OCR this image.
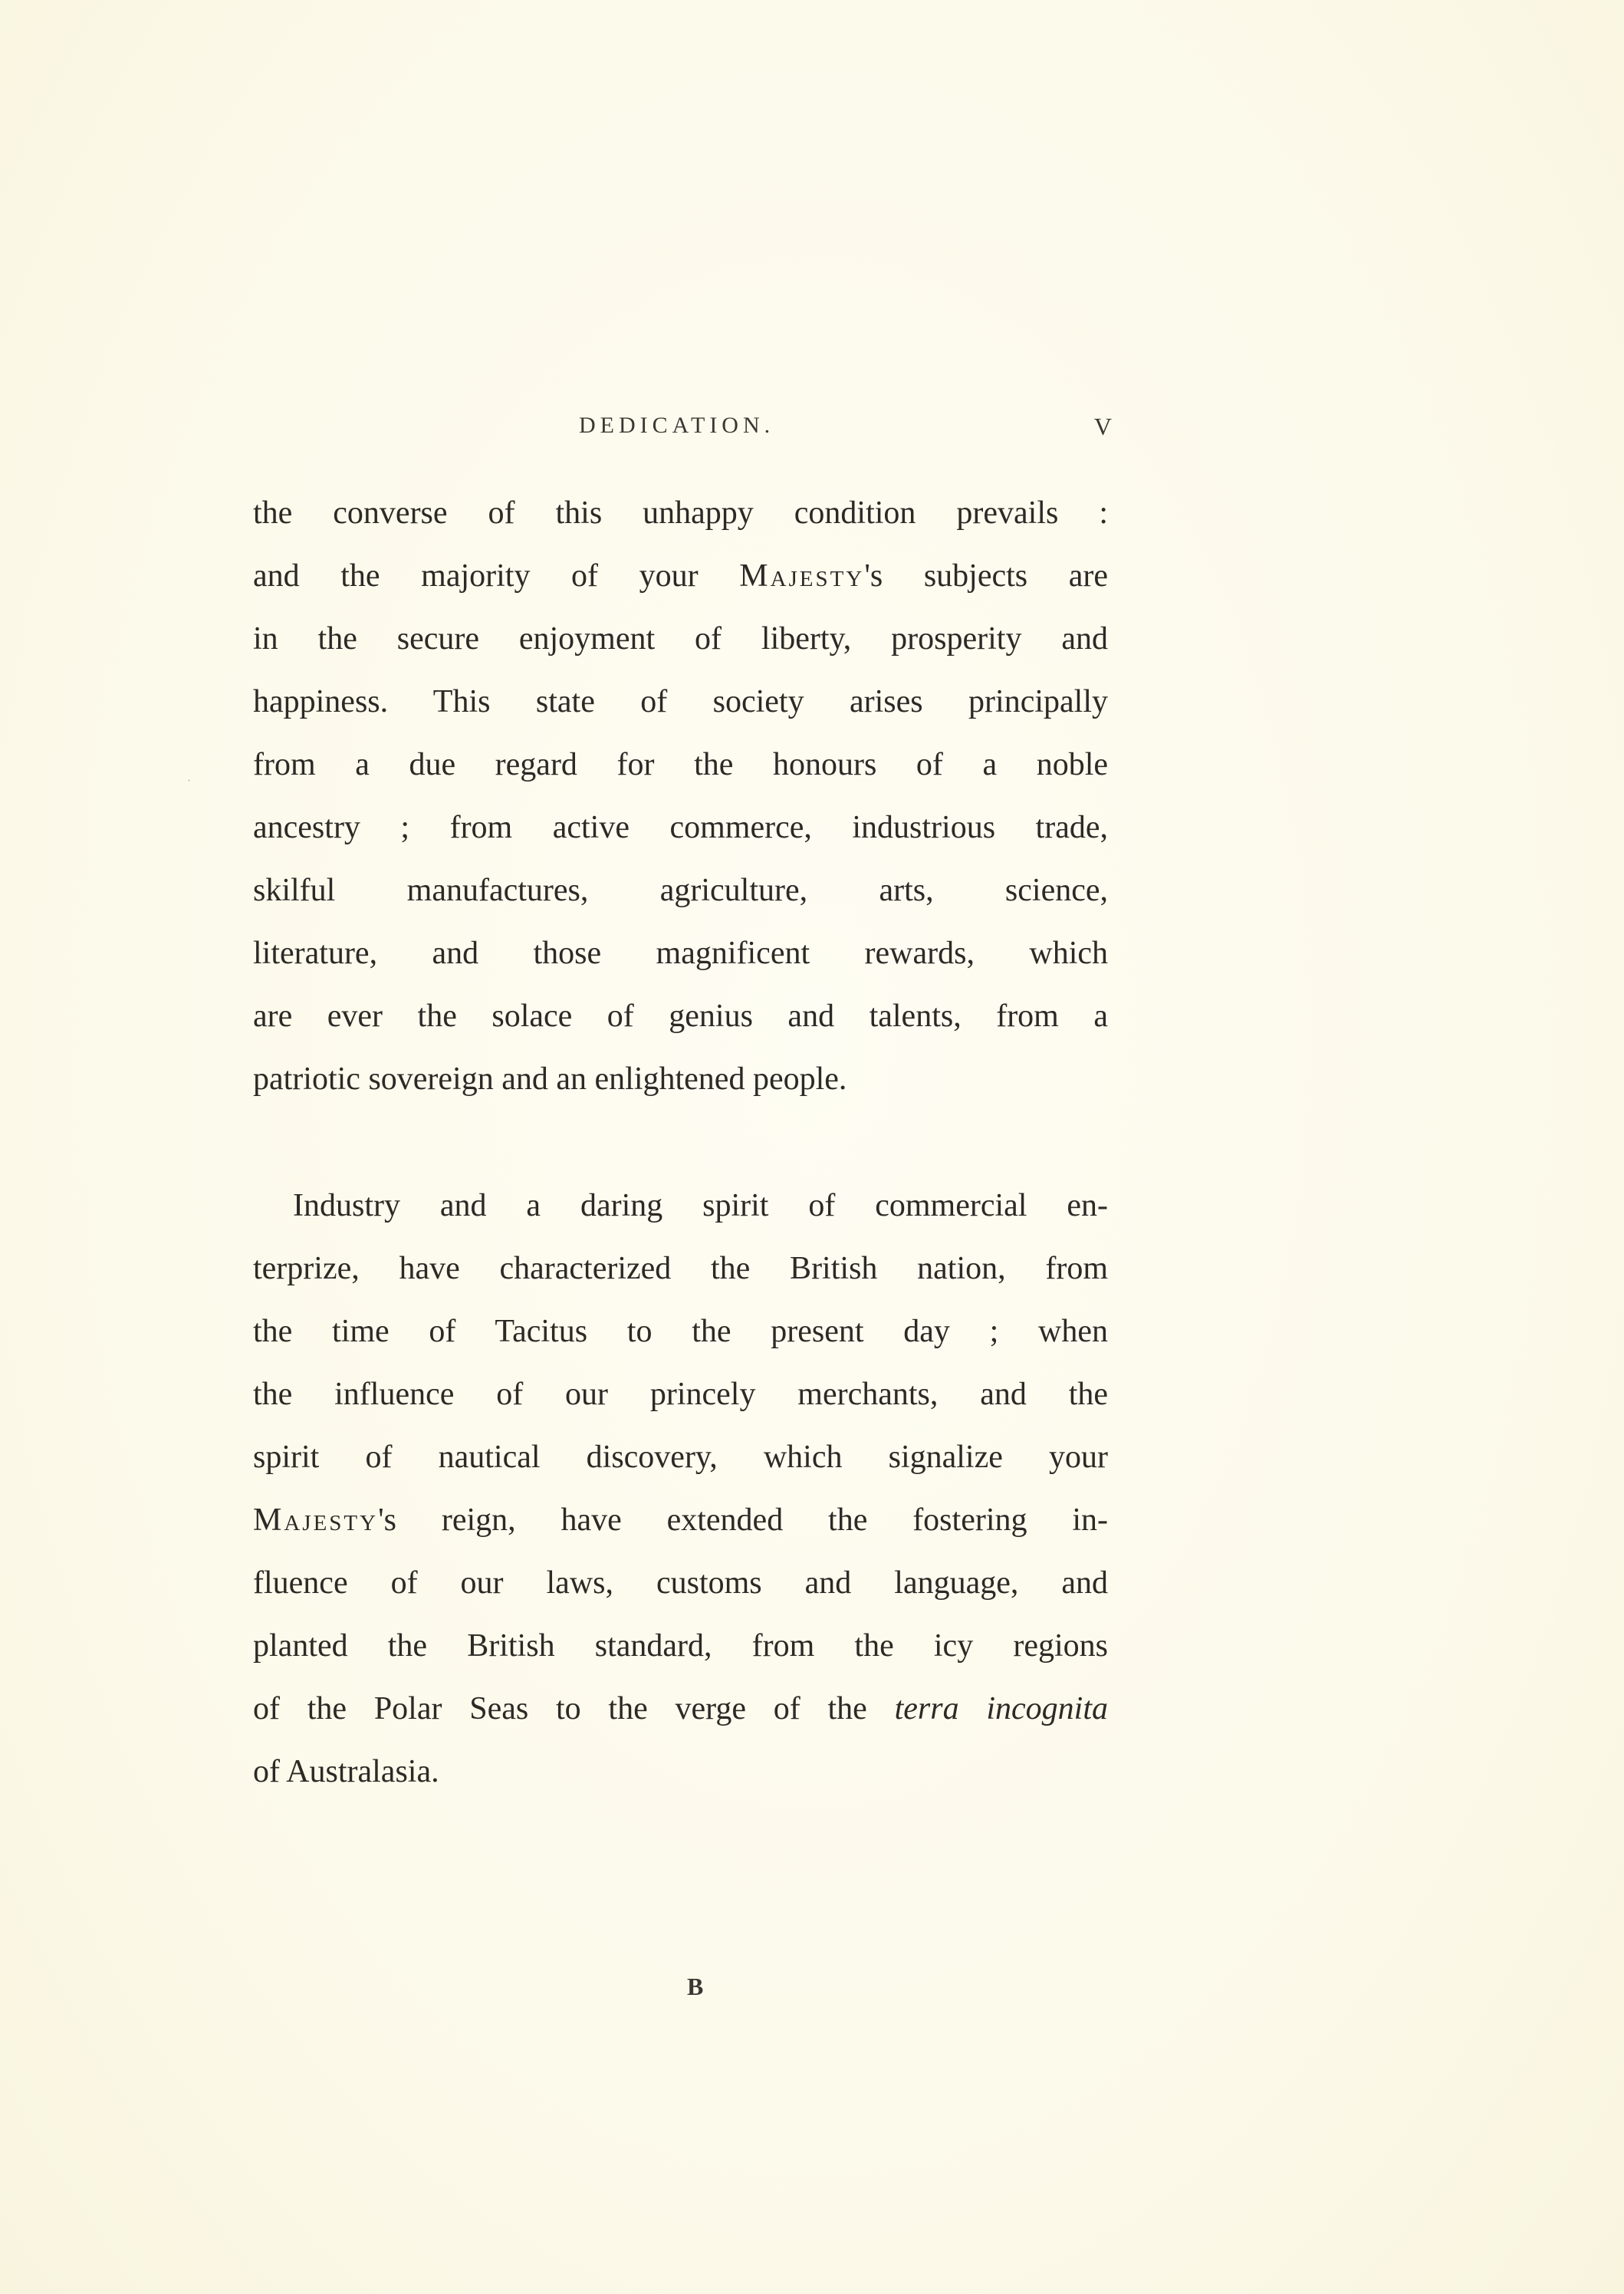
·
DEDICATION.	V
the converse of this unhappy condition prevails :
and the majority of your Majesty's subjects are
in the secure enjoyment of liberty, prosperity and
happiness. This state of society arises principally
from a due regard for the honours of a noble
ancestry ; from active commerce, industrious trade,
skilful manufactures, agriculture, arts, science,
literature, and those magnificent rewards, which
are ever the solace of genius and talents, from a
patriotic sovereign and an enlightened people.
Industry and a daring spirit of commercial en-
terprize, have characterized the British nation, from
the time of Tacitus to the present day ; when
the influence of our princely merchants, and the
spirit of nautical discovery, which signalize your
Majesty's reign, have extended the fostering in-
fluence of our laws, customs and language, and
planted the British standard, from the icy regions
of the Polar Seas to the verge of the terra incognita
of Australasia.
B
